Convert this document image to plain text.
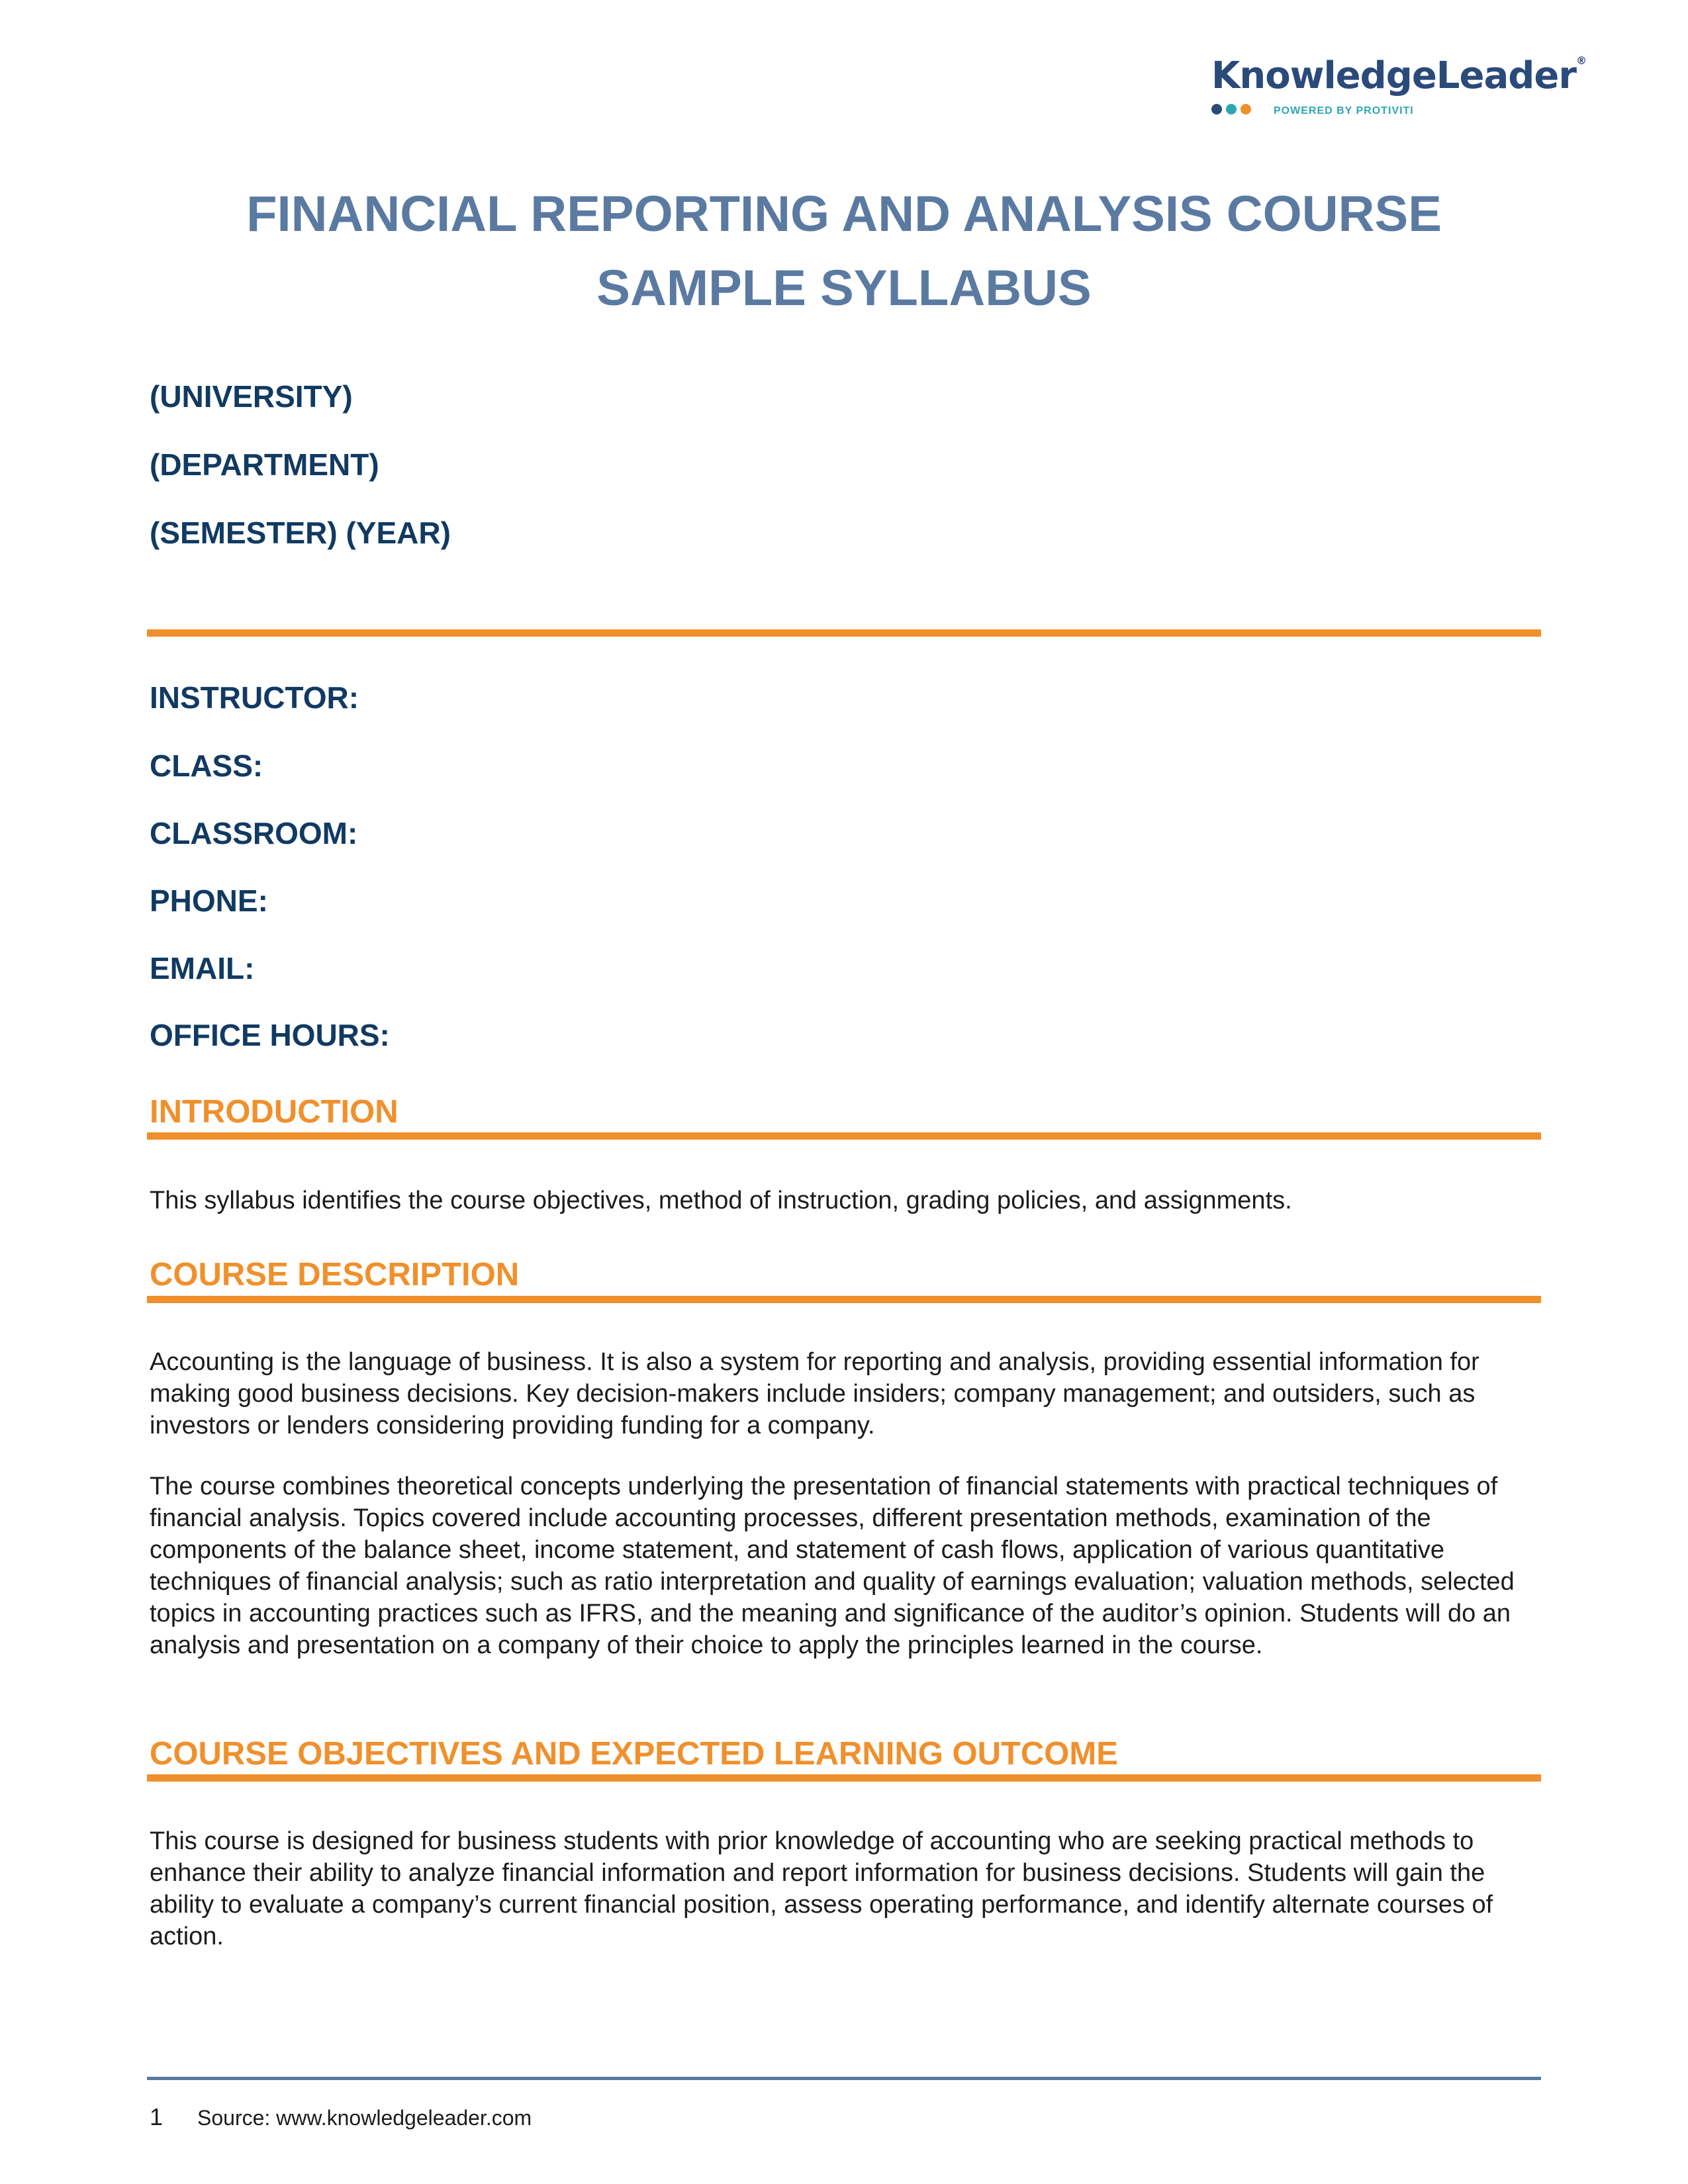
KnowledgeLeader®
POWERED BY PROTIVITI
FINANCIAL REPORTING AND ANALYSIS COURSE
SAMPLE SYLLABUS
(UNIVERSITY)
(DEPARTMENT)
(SEMESTER) (YEAR)
INSTRUCTOR:
CLASS:
CLASSROOM:
PHONE:
EMAIL:
OFFICE HOURS:
INTRODUCTION
This syllabus identifies the course objectives, method of instruction, grading policies, and assignments.
COURSE DESCRIPTION
Accounting is the language of business. It is also a system for reporting and analysis, providing essential information for making good business decisions. Key decision-makers include insiders; company management; and outsiders, such as investors or lenders considering providing funding for a company.
The course combines theoretical concepts underlying the presentation of financial statements with practical techniques of financial analysis. Topics covered include accounting processes, different presentation methods, examination of the components of the balance sheet, income statement, and statement of cash flows, application of various quantitative techniques of financial analysis; such as ratio interpretation and quality of earnings evaluation; valuation methods, selected topics in accounting practices such as IFRS, and the meaning and significance of the auditor’s opinion. Students will do an analysis and presentation on a company of their choice to apply the principles learned in the course.
COURSE OBJECTIVES AND EXPECTED LEARNING OUTCOME
This course is designed for business students with prior knowledge of accounting who are seeking practical methods to enhance their ability to analyze financial information and report information for business decisions. Students will gain the ability to evaluate a company’s current financial position, assess operating performance, and identify alternate courses of action.
1 Source: www.knowledgeleader.com
